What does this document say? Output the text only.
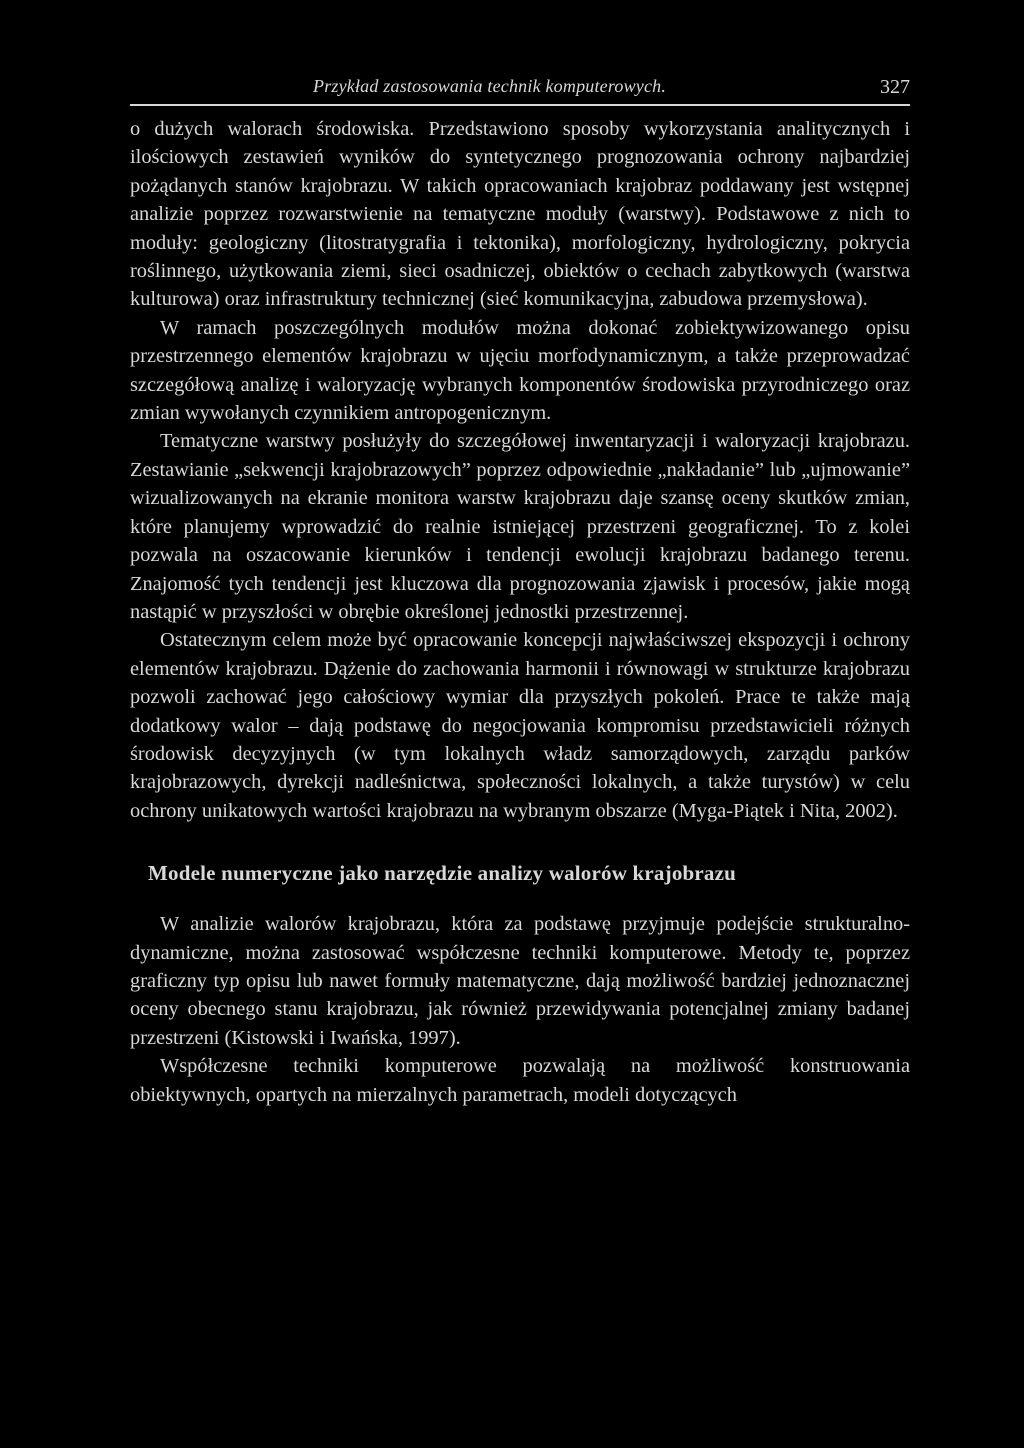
Przykład zastosowania technik komputerowych.	327

o dużych walorach środowiska. Przedstawiono sposoby wykorzystania analitycznych i ilościowych zestawień wyników do syntetycznego prognozowania ochrony najbardziej pożądanych stanów krajobrazu. W takich opracowaniach krajobraz poddawany jest wstępnej analizie poprzez rozwarstwienie na tematyczne moduły (warstwy). Podstawowe z nich to moduły: geologiczny (litostratygrafia i tektonika), morfologiczny, hydrologiczny, pokrycia roślinnego, użytkowania ziemi, sieci osadniczej, obiektów o cechach zabytkowych (warstwa kulturowa) oraz infrastruktury technicznej (sieć komunikacyjna, zabudowa przemysłowa).

W ramach poszczególnych modułów można dokonać zobiektywizowanego opisu przestrzennego elementów krajobrazu w ujęciu morfodynamicznym, a także przeprowadzać szczegółową analizę i waloryzację wybranych komponentów środowiska przyrodniczego oraz zmian wywołanych czynnikiem antropogenicznym.

Tematyczne warstwy posłużyły do szczegółowej inwentaryzacji i waloryzacji krajobrazu. Zestawianie „sekwencji krajobrazowych” poprzez odpowiednie „nakładanie” lub „ujmowanie” wizualizowanych na ekranie monitora warstw krajobrazu daje szansę oceny skutków zmian, które planujemy wprowadzić do realnie istniejącej przestrzeni geograficznej. To z kolei pozwala na oszacowanie kierunków i tendencji ewolucji krajobrazu badanego terenu. Znajomość tych tendencji jest kluczowa dla prognozowania zjawisk i procesów, jakie mogą nastąpić w przyszłości w obrębie określonej jednostki przestrzennej.

Ostatecznym celem może być opracowanie koncepcji najwłaściwszej ekspozycji i ochrony elementów krajobrazu. Dążenie do zachowania harmonii i równowagi w strukturze krajobrazu pozwoli zachować jego całościowy wymiar dla przyszłych pokoleń. Prace te także mają dodatkowy walor – dają podstawę do negocjowania kompromisu przedstawicieli różnych środowisk decyzyjnych (w tym lokalnych władz samorządowych, zarządu parków krajobrazowych, dyrekcji nadleśnictwa, społeczności lokalnych, a także turystów) w celu ochrony unikatowych wartości krajobrazu na wybranym obszarze (Myga-Piątek i Nita, 2002).

Modele numeryczne jako narzędzie analizy walorów krajobrazu

W analizie walorów krajobrazu, która za podstawę przyjmuje podejście strukturalno-dynamiczne, można zastosować współczesne techniki komputerowe. Metody te, poprzez graficzny typ opisu lub nawet formuły matematyczne, dają możliwość bardziej jednoznacznej oceny obecnego stanu krajobrazu, jak również przewidywania potencjalnej zmiany badanej przestrzeni (Kistowski i Iwańska, 1997).

Współczesne techniki komputerowe pozwalają na możliwość konstruowania obiektywnych, opartych na mierzalnych parametrach, modeli dotyczących
